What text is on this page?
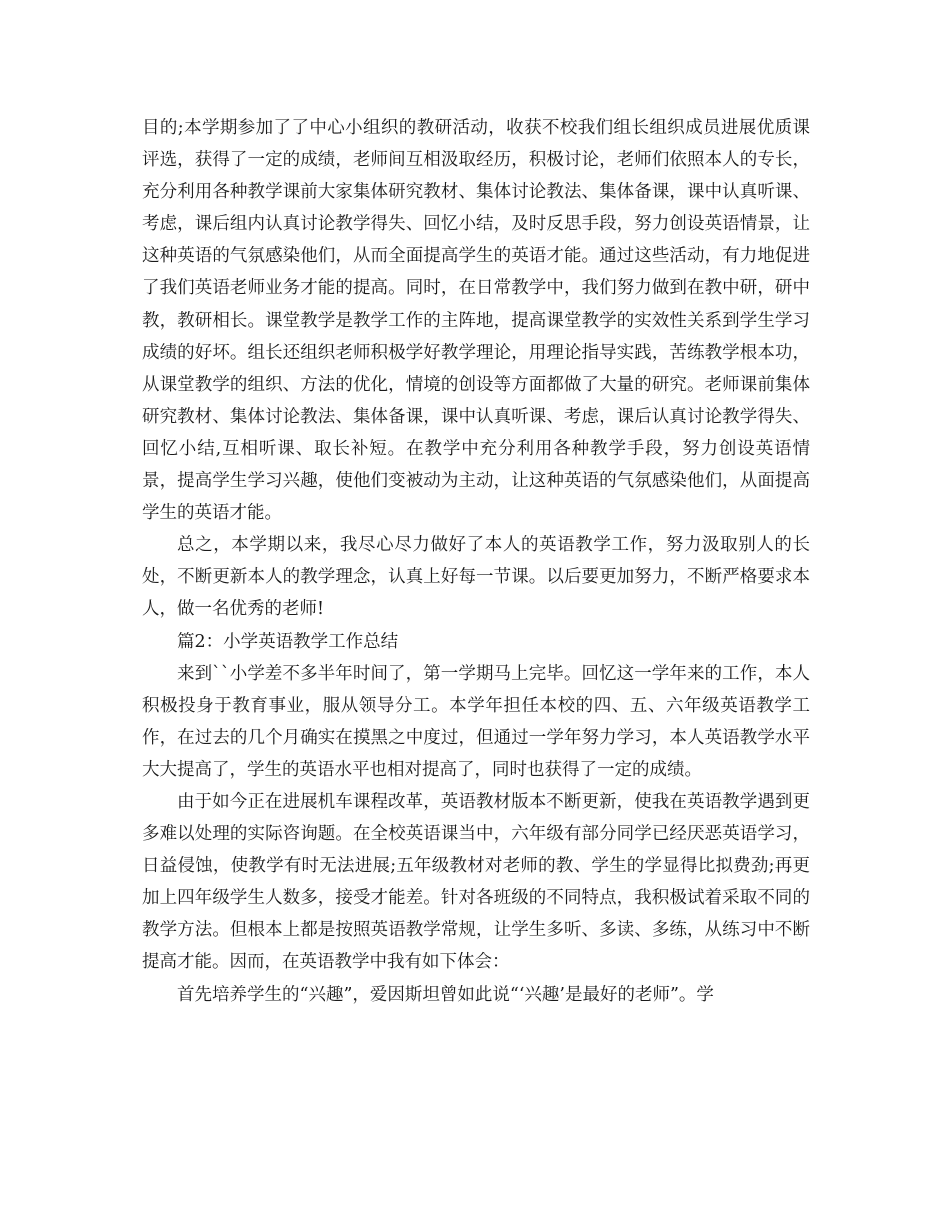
目的;本学期参加了了中心小组织的教研活动，收获不校我们组长组织成员进展优质课评选，获得了一定的成绩，老师间互相汲取经历，积极讨论，老师们依照本人的专长，充分利用各种教学课前大家集体研究教材、集体讨论教法、集体备课，课中认真听课、考虑，课后组内认真讨论教学得失、回忆小结，及时反思手段，努力创设英语情景，让这种英语的气氛感染他们，从而全面提高学生的英语才能。通过这些活动，有力地促进了我们英语老师业务才能的提高。同时，在日常教学中，我们努力做到在教中研，研中教，教研相长。课堂教学是教学工作的主阵地，提高课堂教学的实效性关系到学生学习成绩的好坏。组长还组织老师积极学好教学理论，用理论指导实践，苦练教学根本功，从课堂教学的组织、方法的优化，情境的创设等方面都做了大量的研究。老师课前集体研究教材、集体讨论教法、集体备课，课中认真听课、考虑，课后认真讨论教学得失、回忆小结,互相听课、取长补短。在教学中充分利用各种教学手段，努力创设英语情景，提高学生学习兴趣，使他们变被动为主动，让这种英语的气氛感染他们，从面提高学生的英语才能。

总之，本学期以来，我尽心尽力做好了本人的英语教学工作，努力汲取别人的长处，不断更新本人的教学理念，认真上好每一节课。以后要更加努力，不断严格要求本人，做一名优秀的老师!

篇2：小学英语教学工作总结

来到``小学差不多半年时间了，第一学期马上完毕。回忆这一学年来的工作，本人积极投身于教育事业，服从领导分工。本学年担任本校的四、五、六年级英语教学工作，在过去的几个月确实在摸黑之中度过，但通过一学年努力学习，本人英语教学水平大大提高了，学生的英语水平也相对提高了，同时也获得了一定的成绩。

由于如今正在进展机车课程改革，英语教材版本不断更新，使我在英语教学遇到更多难以处理的实际咨询题。在全校英语课当中，六年级有部分同学已经厌恶英语学习，日益侵蚀，使教学有时无法进展;五年级教材对老师的教、学生的学显得比拟费劲;再更加上四年级学生人数多，接受才能差。针对各班级的不同特点，我积极试着采取不同的教学方法。但根本上都是按照英语教学常规，让学生多听、多读、多练，从练习中不断提高才能。因而，在英语教学中我有如下体会：

首先培养学生的“兴趣”，爱因斯坦曾如此说“‘兴趣’是最好的老师”。学
